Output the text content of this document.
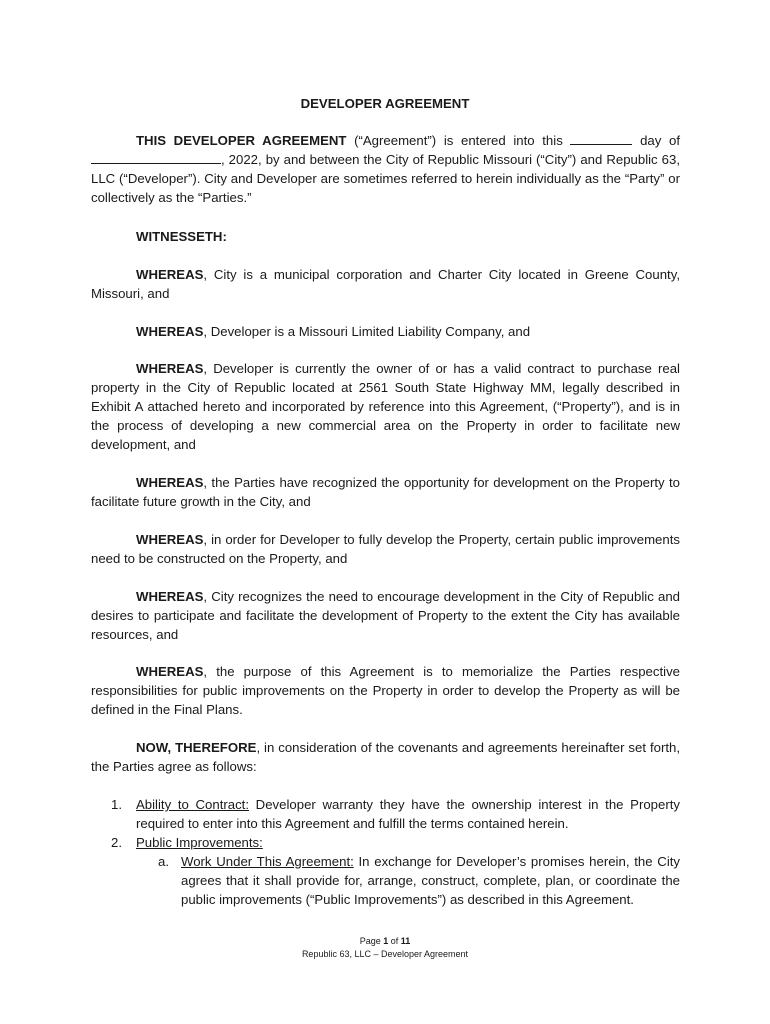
DEVELOPER AGREEMENT
THIS DEVELOPER AGREEMENT (“Agreement”) is entered into this	day of , 2022, by and between the City of Republic Missouri (“City”) and Republic 63, LLC (“Developer”). City and Developer are sometimes referred to herein individually as the “Party” or collectively as the “Parties.”
WITNESSETH:
WHEREAS, City is a municipal corporation and Charter City located in Greene County, Missouri, and
WHEREAS, Developer is a Missouri Limited Liability Company, and
WHEREAS, Developer is currently the owner of or has a valid contract to purchase real property in the City of Republic located at 2561 South State Highway MM, legally described in Exhibit A attached hereto and incorporated by reference into this Agreement, (“Property”), and is in the process of developing a new commercial area on the Property in order to facilitate new development, and
WHEREAS, the Parties have recognized the opportunity for development on the Property to facilitate future growth in the City, and
WHEREAS, in order for Developer to fully develop the Property, certain public improvements need to be constructed on the Property, and
WHEREAS, City recognizes the need to encourage development in the City of Republic and desires to participate and facilitate the development of Property to the extent the City has available resources, and
WHEREAS, the purpose of this Agreement is to memorialize the Parties respective responsibilities for public improvements on the Property in order to develop the Property as will be defined in the Final Plans.
NOW, THEREFORE, in consideration of the covenants and agreements hereinafter set forth, the Parties agree as follows:
1. Ability to Contract: Developer warranty they have the ownership interest in the Property required to enter into this Agreement and fulfill the terms contained herein.
2. Public Improvements:
a. Work Under This Agreement: In exchange for Developer’s promises herein, the City agrees that it shall provide for, arrange, construct, complete, plan, or coordinate the public improvements (“Public Improvements”) as described in this Agreement.
Page 1 of 11
Republic 63, LLC – Developer Agreement
